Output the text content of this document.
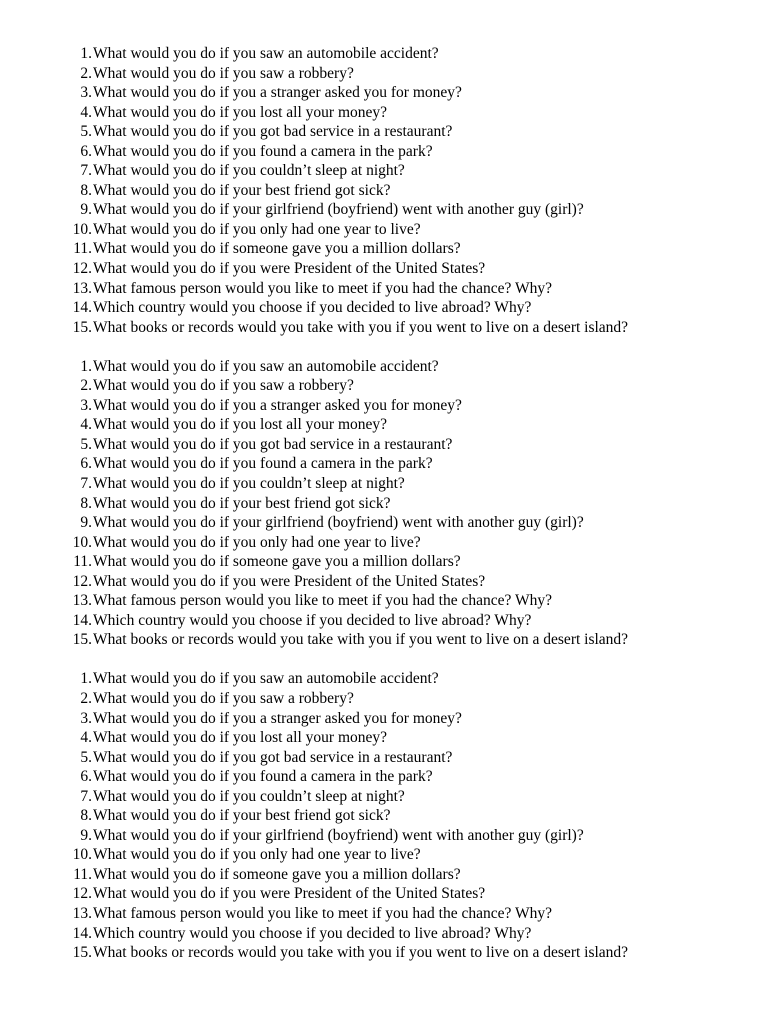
1. What would you do if you saw an automobile accident?
2. What would you do if you saw a robbery?
3. What would you do if you a stranger asked you for money?
4. What would you do if you lost all your money?
5. What would you do if you got bad service in a restaurant?
6. What would you do if you found a camera in the park?
7. What would you do if you couldn’t sleep at night?
8. What would you do if your best friend got sick?
9. What would you do if your girlfriend (boyfriend) went with another guy (girl)?
10. What would you do if you only had one year to live?
11. What would you do if someone gave you a million dollars?
12. What would you do if you were President of the United States?
13. What famous person would you like to meet if you had the chance? Why?
14. Which country would you choose if you decided to live abroad? Why?
15. What books or records would you take with you if you went to live on a desert island?
1. What would you do if you saw an automobile accident?
2. What would you do if you saw a robbery?
3. What would you do if you a stranger asked you for money?
4. What would you do if you lost all your money?
5. What would you do if you got bad service in a restaurant?
6. What would you do if you found a camera in the park?
7. What would you do if you couldn’t sleep at night?
8. What would you do if your best friend got sick?
9. What would you do if your girlfriend (boyfriend) went with another guy (girl)?
10. What would you do if you only had one year to live?
11. What would you do if someone gave you a million dollars?
12. What would you do if you were President of the United States?
13. What famous person would you like to meet if you had the chance? Why?
14. Which country would you choose if you decided to live abroad? Why?
15. What books or records would you take with you if you went to live on a desert island?
1. What would you do if you saw an automobile accident?
2. What would you do if you saw a robbery?
3. What would you do if you a stranger asked you for money?
4. What would you do if you lost all your money?
5. What would you do if you got bad service in a restaurant?
6. What would you do if you found a camera in the park?
7. What would you do if you couldn’t sleep at night?
8. What would you do if your best friend got sick?
9. What would you do if your girlfriend (boyfriend) went with another guy (girl)?
10. What would you do if you only had one year to live?
11. What would you do if someone gave you a million dollars?
12. What would you do if you were President of the United States?
13. What famous person would you like to meet if you had the chance? Why?
14. Which country would you choose if you decided to live abroad? Why?
15. What books or records would you take with you if you went to live on a desert island?
